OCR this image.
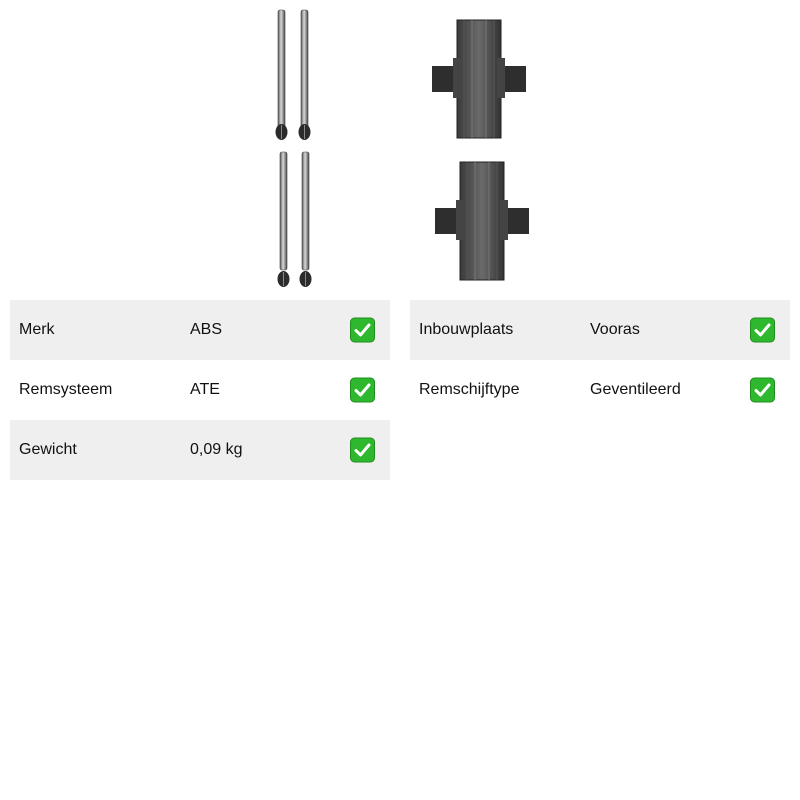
Merk	ABS
Remsysteem	ATE
Gewicht	0,09 kg
Inbouwplaats	Vooras
Remschijftype	Geventileerd
